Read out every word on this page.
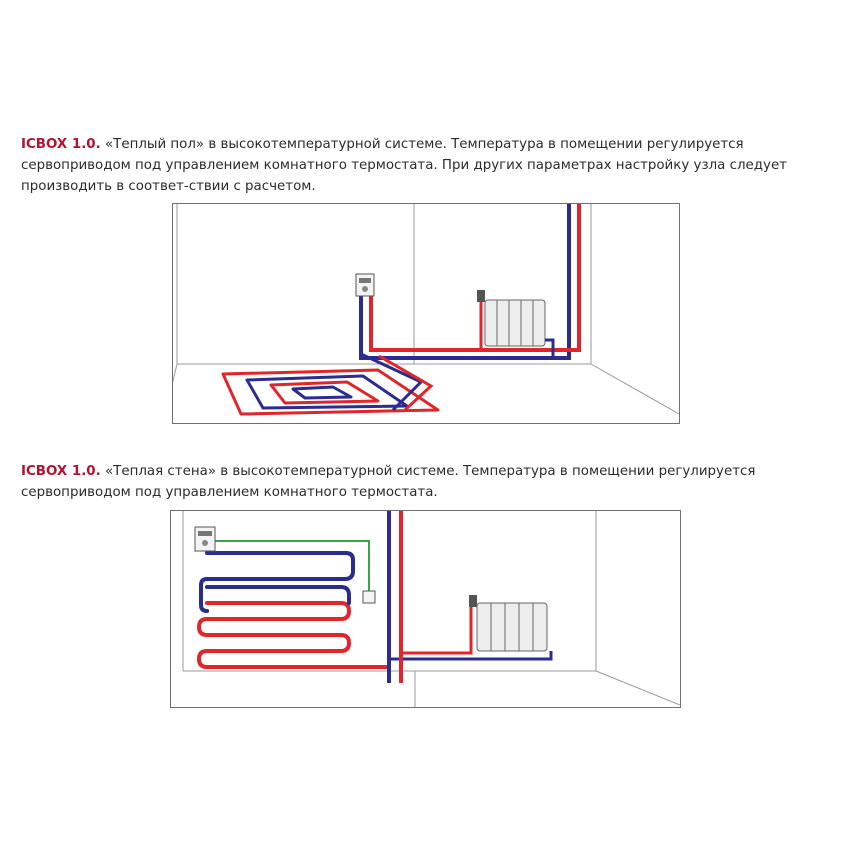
ICBOX 1.0. «Теплый пол» в высокотемпературной системе. Температура в помещении регулируется сервоприводом под управлением комнатного термостата. При других параметрах настройку узла следует производить в соответ-ствии с расчетом.
ICBOX 1.0. «Теплая стена» в высокотемпературной системе. Температура в помещении регулируется сервоприводом под управлением комнатного термостата.
